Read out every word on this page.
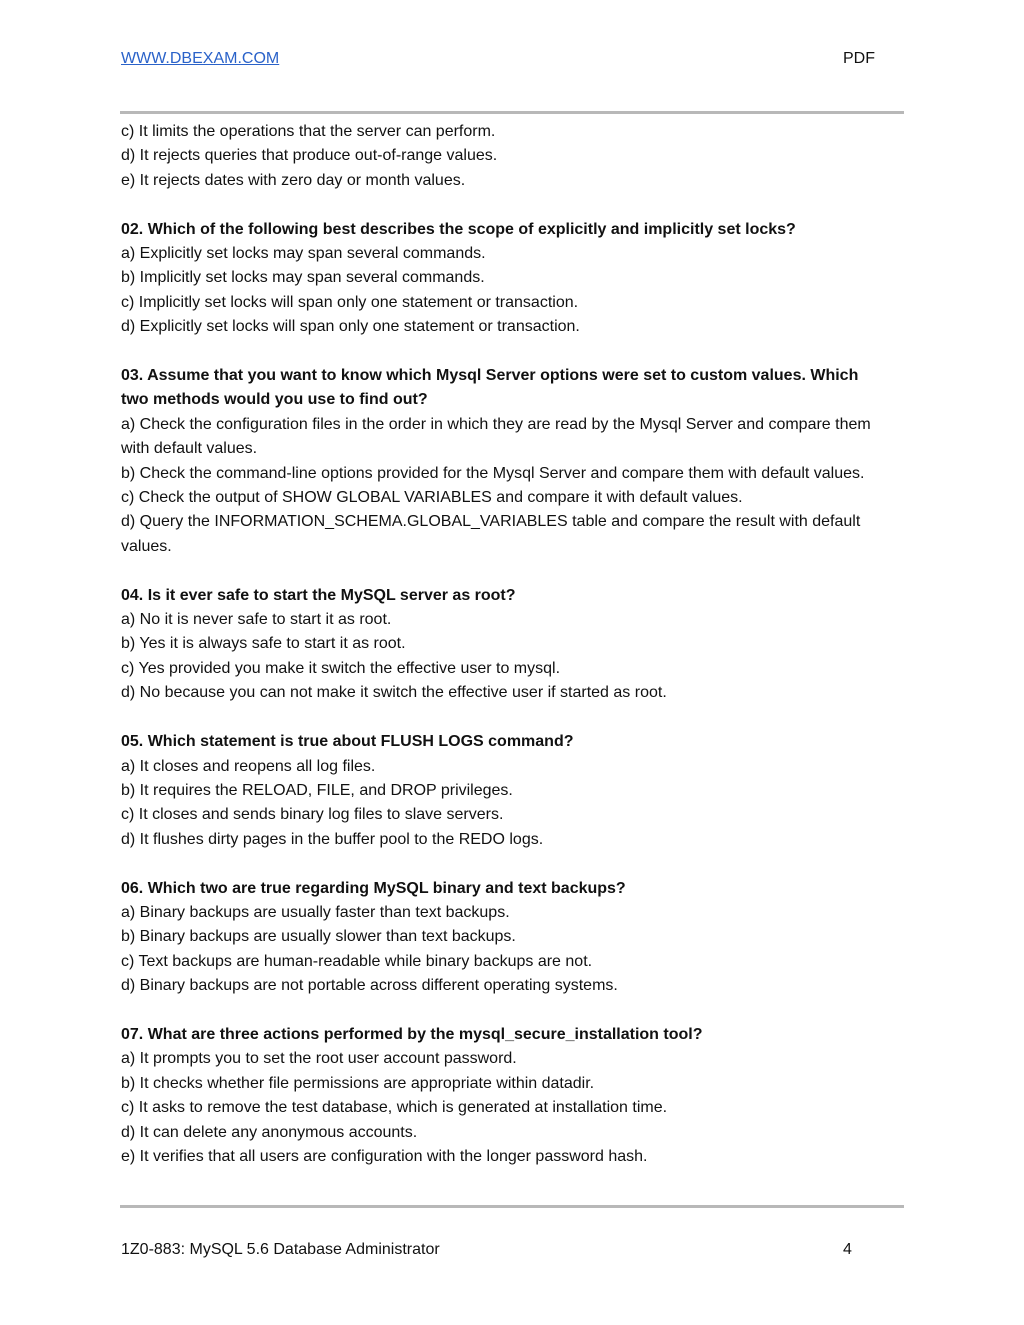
WWW.DBEXAM.COM	PDF
c) It limits the operations that the server can perform.
d) It rejects queries that produce out-of-range values.
e) It rejects dates with zero day or month values.
02. Which of the following best describes the scope of explicitly and implicitly set locks?
a) Explicitly set locks may span several commands.
b) Implicitly set locks may span several commands.
c) Implicitly set locks will span only one statement or transaction.
d) Explicitly set locks will span only one statement or transaction.
03. Assume that you want to know which Mysql Server options were set to custom values. Which two methods would you use to find out?
a) Check the configuration files in the order in which they are read by the Mysql Server and compare them with default values.
b) Check the command-line options provided for the Mysql Server and compare them with default values.
c) Check the output of SHOW GLOBAL VARIABLES and compare it with default values.
d) Query the INFORMATION_SCHEMA.GLOBAL_VARIABLES table and compare the result with default values.
04. Is it ever safe to start the MySQL server as root?
a) No it is never safe to start it as root.
b) Yes it is always safe to start it as root.
c) Yes provided you make it switch the effective user to mysql.
d) No because you can not make it switch the effective user if started as root.
05. Which statement is true about FLUSH LOGS command?
a) It closes and reopens all log files.
b) It requires the RELOAD, FILE, and DROP privileges.
c) It closes and sends binary log files to slave servers.
d) It flushes dirty pages in the buffer pool to the REDO logs.
06. Which two are true regarding MySQL binary and text backups?
a) Binary backups are usually faster than text backups.
b) Binary backups are usually slower than text backups.
c) Text backups are human-readable while binary backups are not.
d) Binary backups are not portable across different operating systems.
07. What are three actions performed by the mysql_secure_installation tool?
a) It prompts you to set the root user account password.
b) It checks whether file permissions are appropriate within datadir.
c) It asks to remove the test database, which is generated at installation time.
d) It can delete any anonymous accounts.
e) It verifies that all users are configuration with the longer password hash.
1Z0-883: MySQL 5.6 Database Administrator	4
